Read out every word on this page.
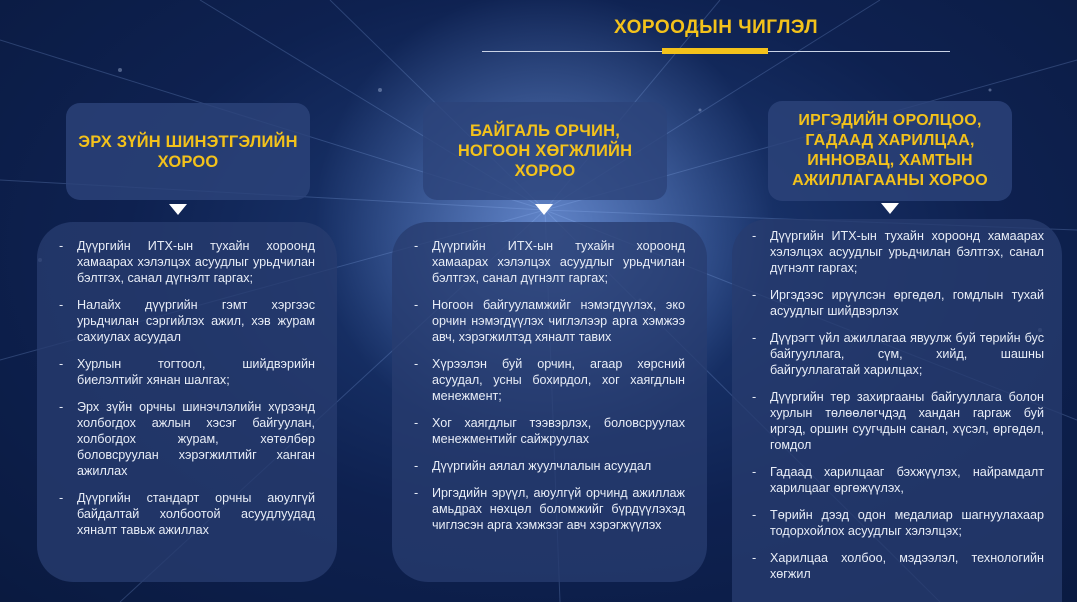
ХОРООДЫН ЧИГЛЭЛ
ЭРХ ЗҮЙН ШИНЭТГЭЛИЙН ХОРОО
-	Дүүргийн ИТХ-ын тухайн хороонд хамаарах хэлэлцэх асуудлыг урьдчилан бэлтгэх, санал дүгнэлт гаргах;
-	Налайх дүүргийн гэмт хэргээс урьдчилан сэргийлэх ажил, хэв журам сахиулах асуудал
-	Хурлын тогтоол, шийдвэрийн биелэлтийг хянан шалгах;
-	Эрх зүйн орчны шинэчлэлийн хүрээнд холбогдох ажлын хэсэг байгуулан, холбогдох журам, хөтөлбөр боловсруулан хэрэгжилтийг ханган ажиллах
-	Дүүргийн стандарт орчны аюулгүй байдалтай холбоотой асуудлуудад хяналт тавьж ажиллах
БАЙГАЛЬ ОРЧИН, НОГООН ХӨГЖЛИЙН ХОРОО
-	Дүүргийн ИТХ-ын тухайн хороонд хамаарах хэлэлцэх асуудлыг урьдчилан бэлтгэх, санал дүгнэлт гаргах;
-	Ногоон байгууламжийг нэмэгдүүлэх, эко орчин нэмэгдүүлэх чиглэлээр арга хэмжээ авч, хэрэгжилтэд хяналт тавих
-	Хүрээлэн буй орчин, агаар хөрсний асуудал, усны бохирдол, хог хаягдлын менежмент;
-	Хог хаягдлыг тээвэрлэх, боловсруулах менежментийг сайжруулах
-	Дүүргийн аялал жуулчлалын асуудал
-	Иргэдийн эрүүл, аюулгүй орчинд ажиллаж амьдрах нөхцөл боломжийг бүрдүүлэхэд чиглэсэн арга хэмжээг авч хэрэгжүүлэх
ИРГЭДИЙН ОРОЛЦОО, ГАДААД ХАРИЛЦАА, ИННОВАЦ, ХАМТЫН АЖИЛЛАГААНЫ ХОРОО
-	Дүүргийн ИТХ-ын тухайн хороонд хамаарах хэлэлцэх асуудлыг урьдчилан бэлтгэх, санал дүгнэлт гаргах;
-	Иргэдээс ирүүлсэн өргөдөл, гомдлын тухай асуудлыг шийдвэрлэх
-	Дүүрэгт үйл ажиллагаа явуулж буй төрийн бус байгууллага, сүм, хийд, шашны байгууллагатай харилцах;
-	Дүүргийн төр захиргааны байгууллага болон хурлын төлөөлөгчдэд хандан гаргаж буй иргэд, оршин суугчдын санал, хүсэл, өргөдөл, гомдол
-	Гадаад харилцааг бэхжүүлэх, найрамдалт харилцааг өргөжүүлэх,
-	Төрийн дээд одон медалиар шагнуулахаар тодорхойлох асуудлыг хэлэлцэх;
-	Харилцаа холбоо, мэдээлэл, технологийн хөгжил
